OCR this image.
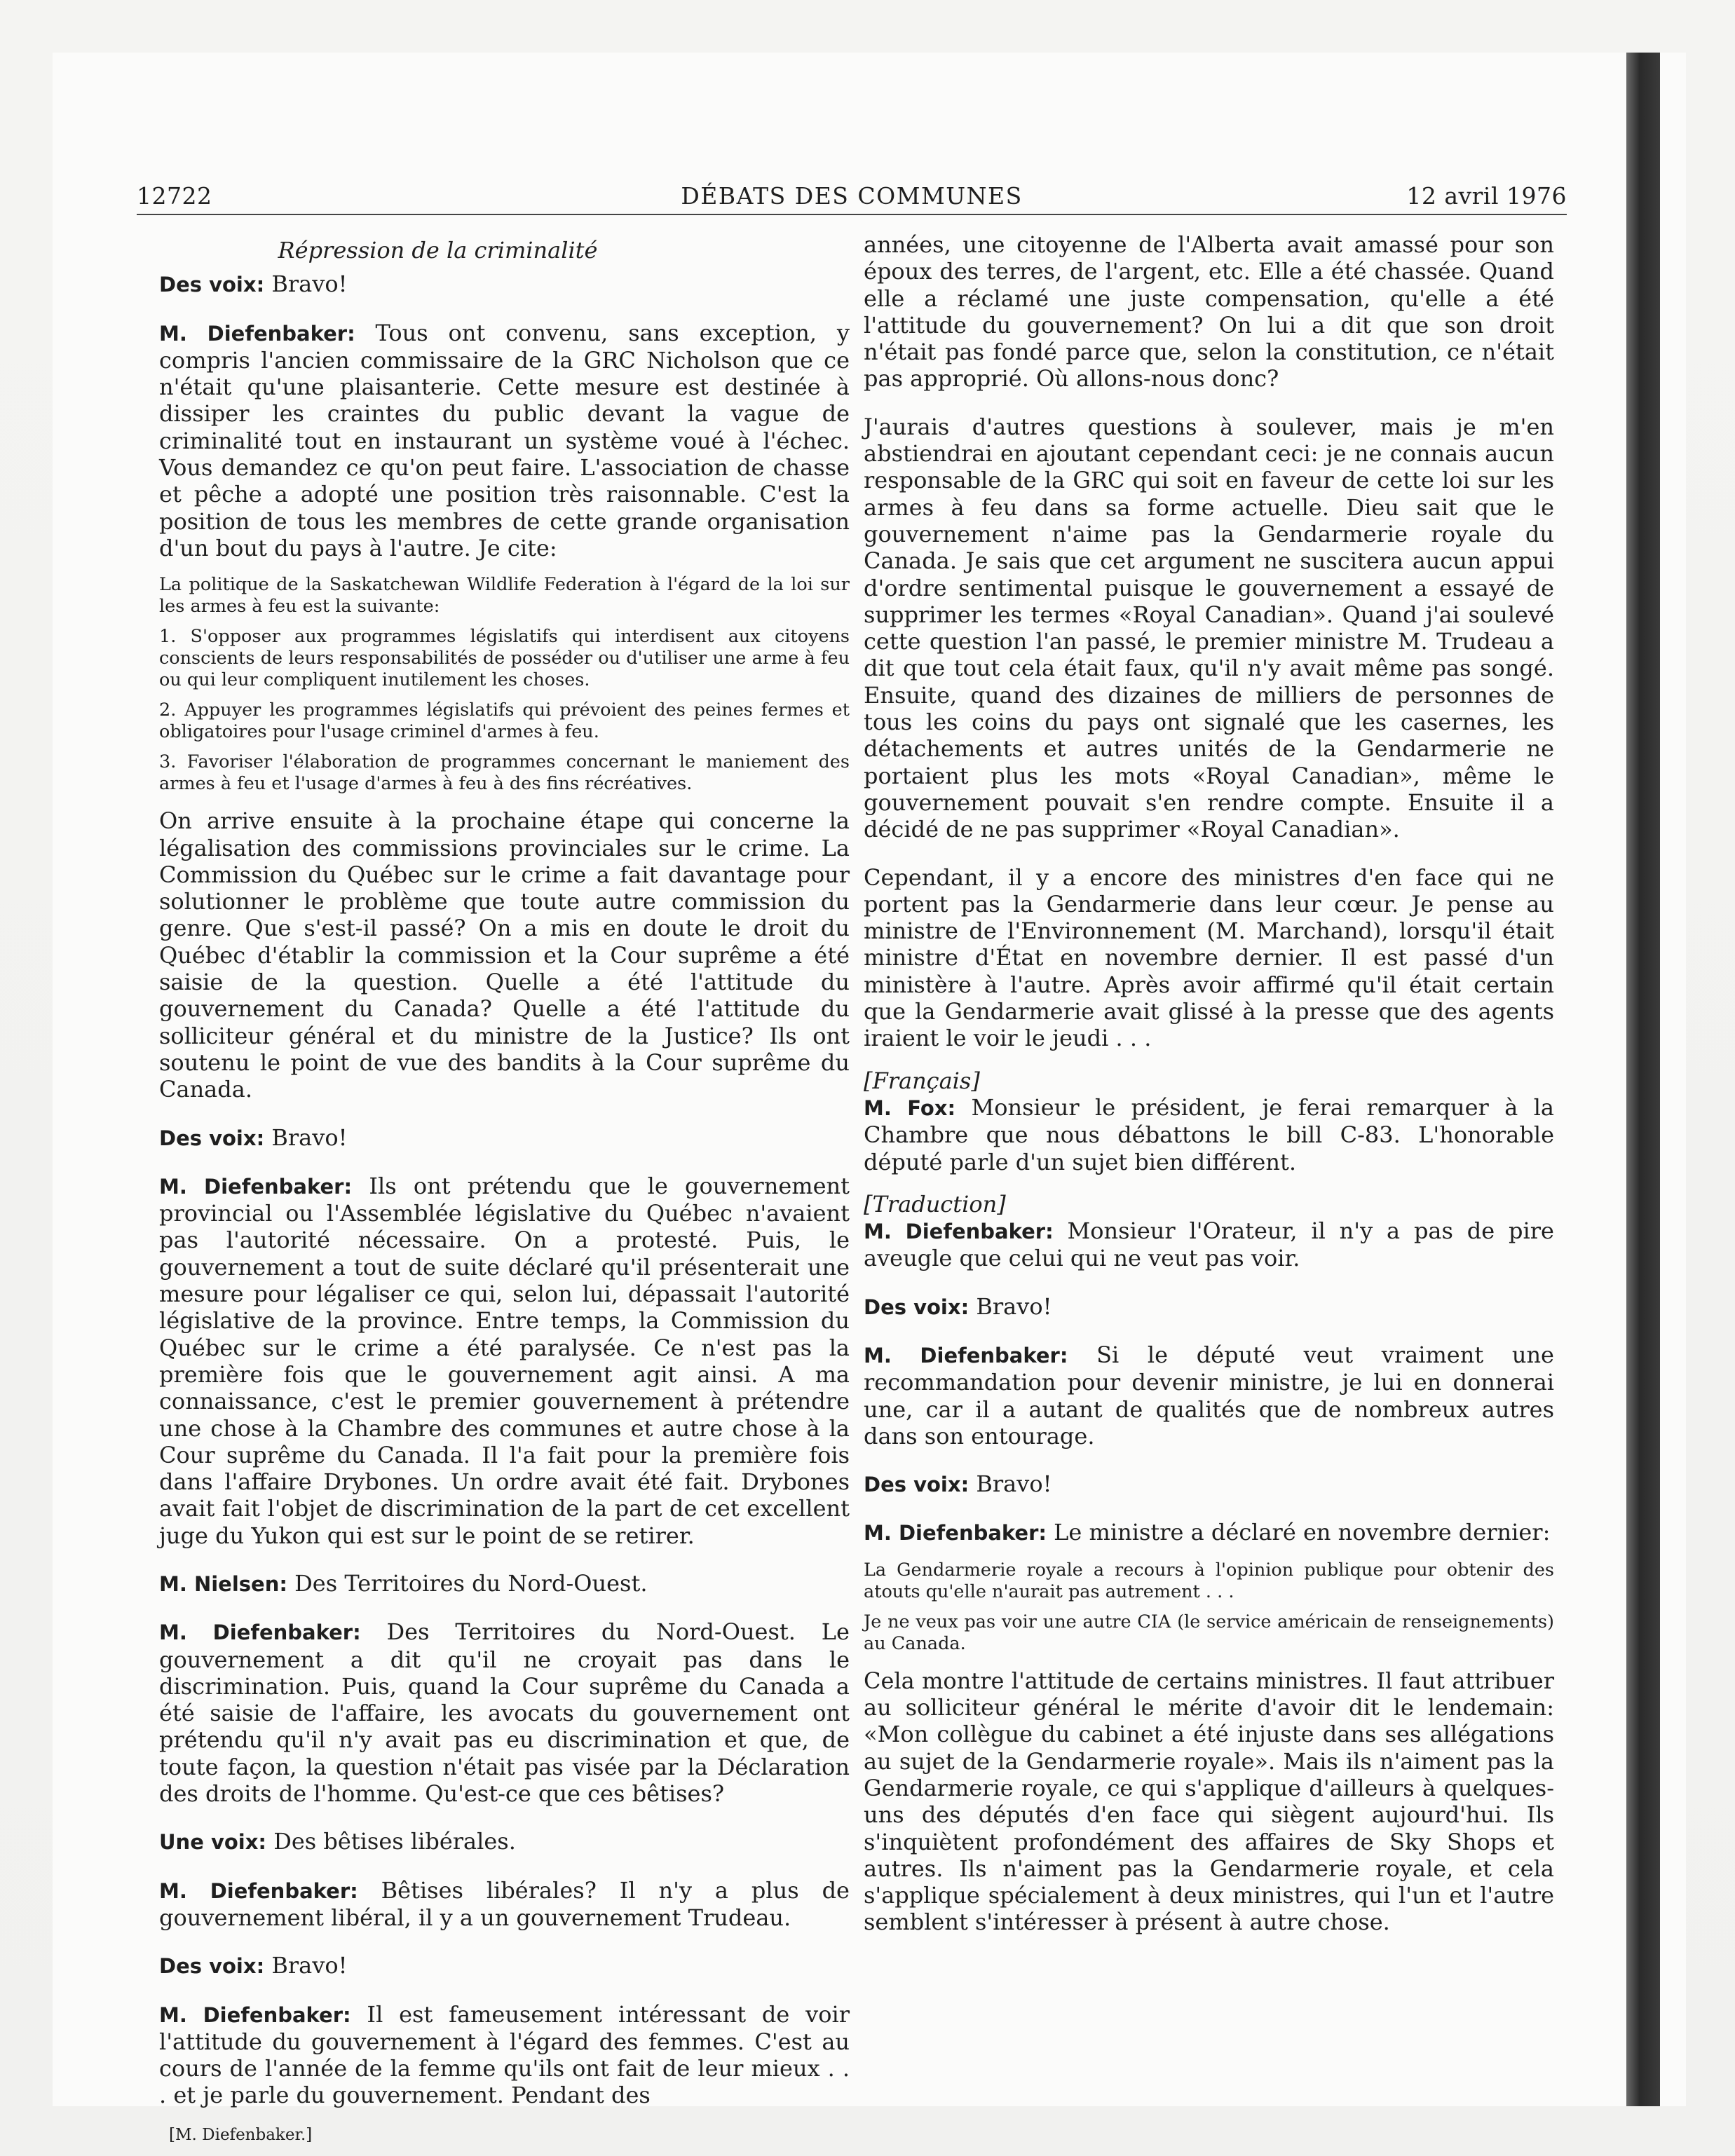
12722	DÉBATS DES COMMUNES	12 avril 1976
Répression de la criminalité

Des voix: Bravo!

M. Diefenbaker: Tous ont convenu, sans exception, y compris l'ancien commissaire de la GRC Nicholson que ce n'était qu'une plaisanterie. Cette mesure est destinée à dissiper les craintes du public devant la vague de criminalité tout en instaurant un système voué à l'échec. Vous demandez ce qu'on peut faire. L'association de chasse et pêche a adopté une position très raisonnable. C'est la position de tous les membres de cette grande organisation d'un bout du pays à l'autre. Je cite:

La politique de la Saskatchewan Wildlife Federation à l'égard de la loi sur les armes à feu est la suivante:

1. S'opposer aux programmes législatifs qui interdisent aux citoyens conscients de leurs responsabilités de posséder ou d'utiliser une arme à feu ou qui leur compliquent inutilement les choses.

2. Appuyer les programmes législatifs qui prévoient des peines fermes et obligatoires pour l'usage criminel d'armes à feu.

3. Favoriser l'élaboration de programmes concernant le maniement des armes à feu et l'usage d'armes à feu à des fins récréatives.

On arrive ensuite à la prochaine étape qui concerne la légalisation des commissions provinciales sur le crime. La Commission du Québec sur le crime a fait davantage pour solutionner le problème que toute autre commission du genre. Que s'est-il passé? On a mis en doute le droit du Québec d'établir la commission et la Cour suprême a été saisie de la question. Quelle a été l'attitude du gouvernement du Canada? Quelle a été l'attitude du solliciteur général et du ministre de la Justice? Ils ont soutenu le point de vue des bandits à la Cour suprême du Canada.

Des voix: Bravo!

M. Diefenbaker: Ils ont prétendu que le gouvernement provincial ou l'Assemblée législative du Québec n'avaient pas l'autorité nécessaire. On a protesté. Puis, le gouvernement a tout de suite déclaré qu'il présenterait une mesure pour légaliser ce qui, selon lui, dépassait l'autorité législative de la province. Entre temps, la Commission du Québec sur le crime a été paralysée. Ce n'est pas la première fois que le gouvernement agit ainsi. A ma connaissance, c'est le premier gouvernement à prétendre une chose à la Chambre des communes et autre chose à la Cour suprême du Canada. Il l'a fait pour la première fois dans l'affaire Drybones. Un ordre avait été fait. Drybones avait fait l'objet de discrimination de la part de cet excellent juge du Yukon qui est sur le point de se retirer.

M. Nielsen: Des Territoires du Nord-Ouest.

M. Diefenbaker: Des Territoires du Nord-Ouest. Le gouvernement a dit qu'il ne croyait pas dans le discrimination. Puis, quand la Cour suprême du Canada a été saisie de l'affaire, les avocats du gouvernement ont prétendu qu'il n'y avait pas eu discrimination et que, de toute façon, la question n'était pas visée par la Déclaration des droits de l'homme. Qu'est-ce que ces bêtises?

Une voix: Des bêtises libérales.

M. Diefenbaker: Bêtises libérales? Il n'y a plus de gouvernement libéral, il y a un gouvernement Trudeau.

Des voix: Bravo!

M. Diefenbaker: Il est fameusement intéressant de voir l'attitude du gouvernement à l'égard des femmes. C'est au cours de l'année de la femme qu'ils ont fait de leur mieux . . . et je parle du gouvernement. Pendant des

[M. Diefenbaker.]

années, une citoyenne de l'Alberta avait amassé pour son époux des terres, de l'argent, etc. Elle a été chassée. Quand elle a réclamé une juste compensation, qu'elle a été l'attitude du gouvernement? On lui a dit que son droit n'était pas fondé parce que, selon la constitution, ce n'était pas approprié. Où allons-nous donc?

J'aurais d'autres questions à soulever, mais je m'en abstiendrai en ajoutant cependant ceci: je ne connais aucun responsable de la GRC qui soit en faveur de cette loi sur les armes à feu dans sa forme actuelle. Dieu sait que le gouvernement n'aime pas la Gendarmerie royale du Canada. Je sais que cet argument ne suscitera aucun appui d'ordre sentimental puisque le gouvernement a essayé de supprimer les termes «Royal Canadian». Quand j'ai soulevé cette question l'an passé, le premier ministre M. Trudeau a dit que tout cela était faux, qu'il n'y avait même pas songé. Ensuite, quand des dizaines de milliers de personnes de tous les coins du pays ont signalé que les casernes, les détachements et autres unités de la Gendarmerie ne portaient plus les mots «Royal Canadian», même le gouvernement pouvait s'en rendre compte. Ensuite il a décidé de ne pas supprimer «Royal Canadian».

Cependant, il y a encore des ministres d'en face qui ne portent pas la Gendarmerie dans leur cœur. Je pense au ministre de l'Environnement (M. Marchand), lorsqu'il était ministre d'État en novembre dernier. Il est passé d'un ministère à l'autre. Après avoir affirmé qu'il était certain que la Gendarmerie avait glissé à la presse que des agents iraient le voir le jeudi . . .

[Français]

M. Fox: Monsieur le président, je ferai remarquer à la Chambre que nous débattons le bill C-83. L'honorable député parle d'un sujet bien différent.

[Traduction]

M. Diefenbaker: Monsieur l'Orateur, il n'y a pas de pire aveugle que celui qui ne veut pas voir.

Des voix: Bravo!

M. Diefenbaker: Si le député veut vraiment une recommandation pour devenir ministre, je lui en donnerai une, car il a autant de qualités que de nombreux autres dans son entourage.

Des voix: Bravo!

M. Diefenbaker: Le ministre a déclaré en novembre dernier:

La Gendarmerie royale a recours à l'opinion publique pour obtenir des atouts qu'elle n'aurait pas autrement . . .

Je ne veux pas voir une autre CIA (le service américain de renseignements) au Canada.

Cela montre l'attitude de certains ministres. Il faut attribuer au solliciteur général le mérite d'avoir dit le lendemain: «Mon collègue du cabinet a été injuste dans ses allégations au sujet de la Gendarmerie royale». Mais ils n'aiment pas la Gendarmerie royale, ce qui s'applique d'ailleurs à quelques-uns des députés d'en face qui siègent aujourd'hui. Ils s'inquiètent profondément des affaires de Sky Shops et autres. Ils n'aiment pas la Gendarmerie royale, et cela s'applique spécialement à deux ministres, qui l'un et l'autre semblent s'intéresser à présent à autre chose.
